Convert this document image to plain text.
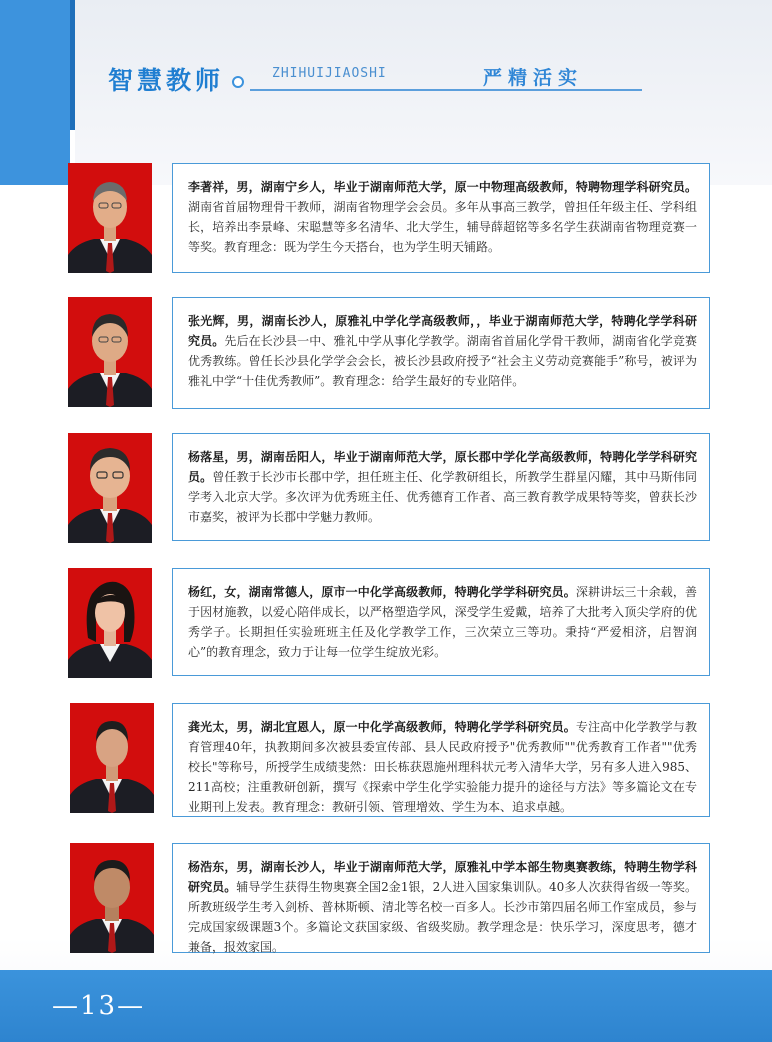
智慧教师	ZHIHUIJIAOSHI	严精活实
李著祥，男，湖南宁乡人，毕业于湖南师范大学，原一中物理高级教师，特聘物理学科研究员。湖南省首届物理骨干教师，湖南省物理学会会员。多年从事高三教学，曾担任年级主任、学科组长，培养出李景峰、宋聪慧等多名清华、北大学生，辅导薛超铭等多名学生获湖南省物理竞赛一等奖。教育理念：既为学生今天搭台，也为学生明天铺路。
张光辉，男，湖南长沙人，原雅礼中学化学高级教师，，毕业于湖南师范大学，特聘化学学科研究员。先后在长沙县一中、雅礼中学从事化学教学。湖南省首届化学骨干教师，湖南省化学竞赛优秀教练。曾任长沙县化学学会会长，被长沙县政府授予“社会主义劳动竞赛能手”称号，被评为雅礼中学“十佳优秀教师”。教育理念：给学生最好的专业陪伴。
杨落星，男，湖南岳阳人，毕业于湖南师范大学，原长郡中学化学高级教师，特聘化学学科研究员。曾任教于长沙市长郡中学，担任班主任、化学教研组长，所教学生群星闪耀，其中马斯伟同学考入北京大学。多次评为优秀班主任、优秀德育工作者、高三教育教学成果特等奖，曾获长沙市嘉奖，被评为长郡中学魅力教师。
杨红，女，湖南常德人，原市一中化学高级教师，特聘化学学科研究员。深耕讲坛三十余载，善于因材施教，以爱心陪伴成长，以严格塑造学风，深受学生爱戴，培养了大批考入顶尖学府的优秀学子。长期担任实验班班主任及化学教学工作，三次荣立三等功。秉持“严爱相济，启智润心”的教育理念，致力于让每一位学生绽放光彩。
龚光太，男，湖北宜恩人，原一中化学高级教师，特聘化学学科研究员。专注高中化学教学与教育管理40年，执教期间多次被县委宣传部、县人民政府授予"优秀教师""优秀教育工作者""优秀校长"等称号，所授学生成绩斐然：田长栋获恩施州理科状元考入清华大学，另有多人进入985、211高校；注重教研创新，撰写《探索中学生化学实验能力提升的途径与方法》等多篇论文在专业期刊上发表。教育理念：教研引领、管理增效、学生为本、追求卓越。
杨浩东，男，湖南长沙人，毕业于湖南师范大学，原雅礼中学本部生物奥赛教练，特聘生物学科研究员。辅导学生获得生物奥赛全国2金1银，2人进入国家集训队。40多人次获得省级一等奖。所教班级学生考入剑桥、普林斯顿、清北等名校一百多人。长沙市第四届名师工作室成员，参与完成国家级课题3个。多篇论文获国家级、省级奖励。教学理念是：快乐学习，深度思考，德才兼备，报效家国。
—13—
